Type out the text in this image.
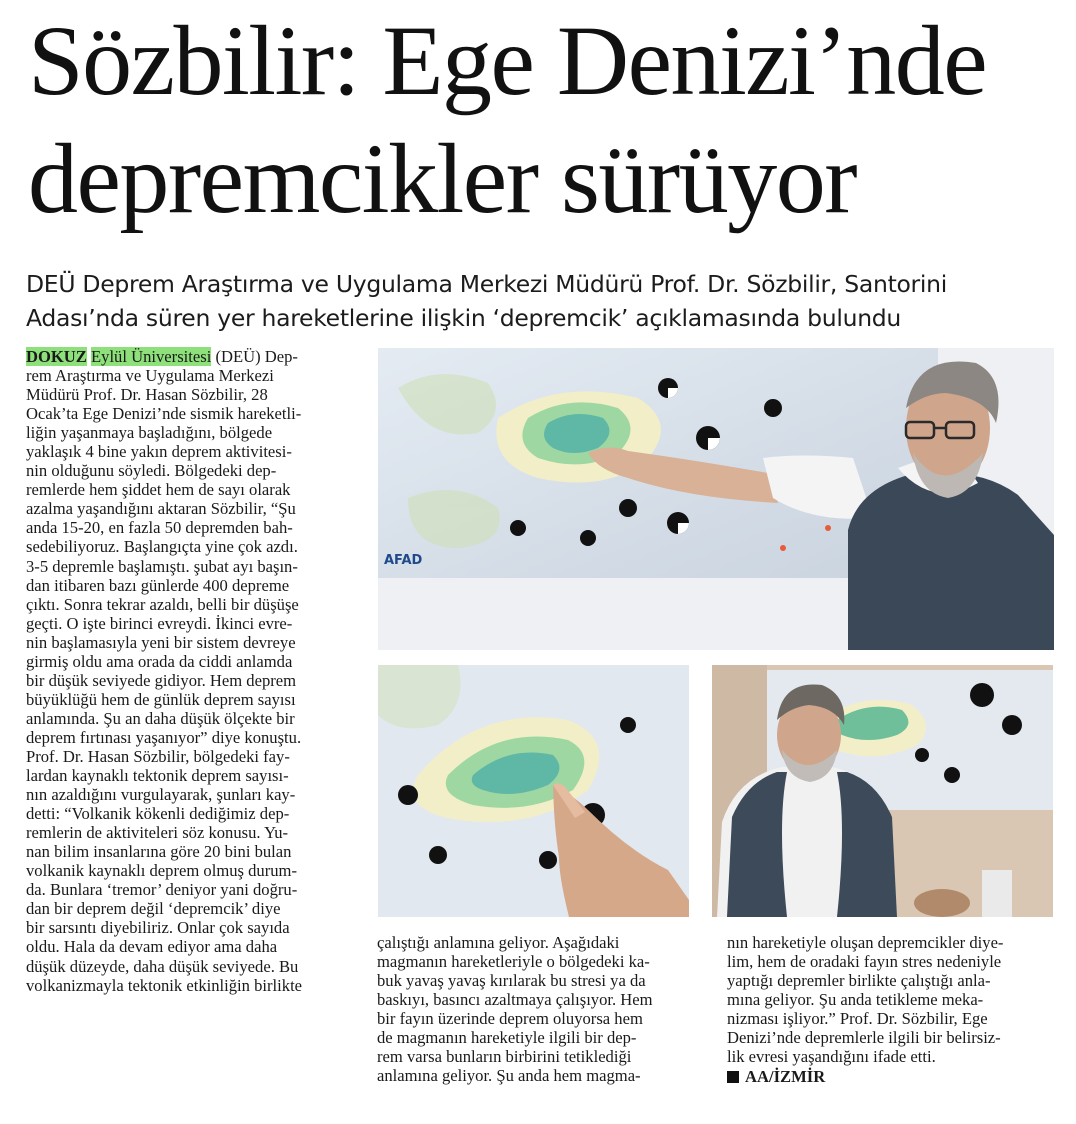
Sözbilir: Ege Denizi’nde
depremcikler sürüyor
DEÜ Deprem Araştırma ve Uygulama Merkezi Müdürü Prof. Dr. Sözbilir, Santorini
Adası’nda süren yer hareketlerine ilişkin ‘depremcik’ açıklamasında bulundu
DOKUZ Eylül Üniversitesi (DEÜ) Dep-
rem Araştırma ve Uygulama Merkezi
Müdürü Prof. Dr. Hasan Sözbilir, 28
Ocak’ta Ege Denizi’nde sismik hareketli-
liğin yaşanmaya başladığını, bölgede
yaklaşık 4 bine yakın deprem aktivitesi-
nin olduğunu söyledi. Bölgedeki dep-
remlerde hem şiddet hem de sayı olarak
azalma yaşandığını aktaran Sözbilir, “Şu
anda 15-20, en fazla 50 depremden bah-
sedebiliyoruz. Başlangıçta yine çok azdı.
3-5 depremle başlamıştı. şubat ayı başın-
dan itibaren bazı günlerde 400 depreme
çıktı. Sonra tekrar azaldı, belli bir düşüşe
geçti. O işte birinci evreydi. İkinci evre-
nin başlamasıyla yeni bir sistem devreye
girmiş oldu ama orada da ciddi anlamda
bir düşük seviyede gidiyor. Hem deprem
büyüklüğü hem de günlük deprem sayısı
anlamında. Şu an daha düşük ölçekte bir
deprem fırtınası yaşanıyor” diye konuştu.
Prof. Dr. Hasan Sözbilir, bölgedeki fay-
lardan kaynaklı tektonik deprem sayısı-
nın azaldığını vurgulayarak, şunları kay-
detti: “Volkanik kökenli dediğimiz dep-
remlerin de aktiviteleri söz konusu. Yu-
nan bilim insanlarına göre 20 bini bulan
volkanik kaynaklı deprem olmuş durum-
da. Bunlara ‘tremor’ deniyor yani doğru-
dan bir deprem değil ‘depremcik’ diye
bir sarsıntı diyebiliriz. Onlar çok sayıda
oldu. Hala da devam ediyor ama daha
düşük düzeyde, daha düşük seviyede. Bu
volkanizmayla tektonik etkinliğin birlikte
çalıştığı anlamına geliyor. Aşağıdaki
magmanın hareketleriyle o bölgedeki ka-
buk yavaş yavaş kırılarak bu stresi ya da
baskıyı, basıncı azaltmaya çalışıyor. Hem
bir fayın üzerinde deprem oluyorsa hem
de magmanın hareketiyle ilgili bir dep-
rem varsa bunların birbirini tetiklediği
anlamına geliyor. Şu anda hem magma-
nın hareketiyle oluşan depremcikler diye-
lim, hem de oradaki fayın stres nedeniyle
yaptığı depremler birlikte çalıştığı anla-
mına geliyor. Şu anda tetikleme meka-
nizması işliyor.” Prof. Dr. Sözbilir, Ege
Denizi’nde depremlerle ilgili bir belirsiz-
lik evresi yaşandığını ifade etti.
AA/İZMİR
AFAD
